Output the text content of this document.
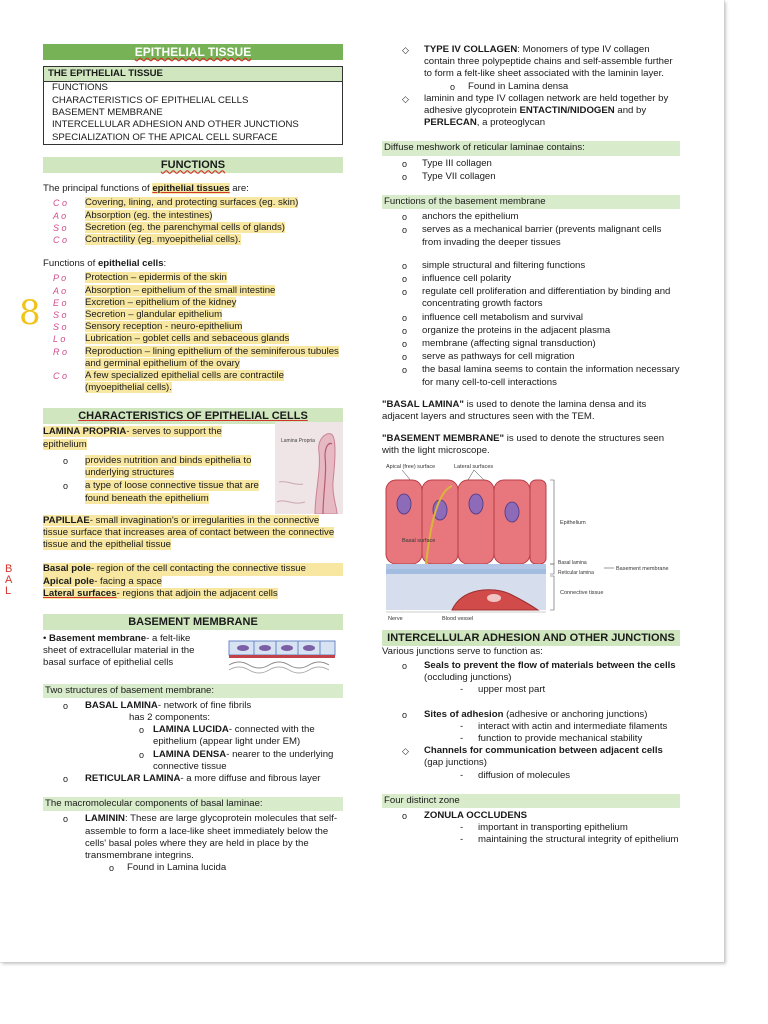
EPITHELIAL TISSUE
THE EPITHELIAL TISSUE
FUNCTIONS
CHARACTERISTICS OF EPITHELIAL CELLS
BASEMENT MEMBRANE
INTERCELLULAR ADHESION AND OTHER JUNCTIONS
SPECIALIZATION OF THE APICAL CELL SURFACE
FUNCTIONS
The principal functions of epithelial tissues are:
C o Covering, lining, and protecting surfaces (eg. skin)
A o Absorption (eg. the intestines)
S o Secretion (eg. the parenchymal cells of glands)
C o Contractility (eg. myoepithelial cells).
Functions of epithelial cells:
8
P o Protection – epidermis of the skin
A o Absorption – epithelium of the small intestine
E o Excretion – epithelium of the kidney
S o Secretion – glandular epithelium
S o Sensory reception - neuro-epithelium
L o Lubrication – goblet cells and sebaceous glands
R o Reproduction – lining epithelium of the seminiferous tubules and germinal epithelium of the ovary
C o A few specialized epithelial cells are contractile (myoepithelial cells).
CHARACTERISTICS OF EPITHELIAL CELLS
LAMINA PROPRIA- serves to support the epithelium
o provides nutrition and binds epithelia to underlying structures
o a type of loose connective tissue that are found beneath the epithelium
Lamina Propria
PAPILLAE- small invagination's or irregularities in the connective tissue surface that increases area of contact between the connective tissue and the epithelial tissue
B
A
L
Basal pole- region of the cell contacting the connective tissue
Apical pole- facing a space
Lateral surfaces- regions that adjoin the adjacent cells
BASEMENT MEMBRANE
• Basement membrane- a felt-like sheet of extracellular material in the basal surface of epithelial cells
Two structures of basement membrane:
o BASAL LAMINA- network of fine fibrils
has 2 components:
o LAMINA LUCIDA- connected with the epithelium (appear light under EM)
o LAMINA DENSA- nearer to the underlying connective tissue
o RETICULAR LAMINA- a more diffuse and fibrous layer
The macromolecular components of basal laminae:
o LAMININ: These are large glycoprotein molecules that self- assemble to form a lace-like sheet immediately below the cells' basal poles where they are held in place by the transmembrane integrins.
o Found in Lamina lucida
◇ TYPE IV COLLAGEN: Monomers of type IV collagen contain three polypeptide chains and self-assemble further to form a felt-like sheet associated with the laminin layer.
o Found in Lamina densa
◇ laminin and type IV collagen network are held together by adhesive glycoprotein ENTACTIN/NIDOGEN and by PERLECAN, a proteoglycan
Diffuse meshwork of reticular laminae contains:
o Type III collagen
o Type VII collagen
Functions of the basement membrane
o anchors the epithelium
o serves as a mechanical barrier (prevents malignant cells from invading the deeper tissues
o simple structural and filtering functions
o influence cell polarity
o regulate cell proliferation and differentiation by binding and concentrating growth factors
o influence cell metabolism and survival
o organize the proteins in the adjacent plasma
o membrane (affecting signal transduction)
o serve as pathways for cell migration
o the basal lamina seems to contain the information necessary for many cell-to-cell interactions
"BASAL LAMINA" is used to denote the lamina densa and its adjacent layers and structures seen with the TEM.
"BASEMENT MEMBRANE" is used to denote the structures seen with the light microscope.
Apical (free) surface	Lateral surfaces
Basal surface
Nerve	Blood vessel
Epithelium
Basal lamina
Reticular lamina
Basement membrane
Connective tissue
INTERCELLULAR ADHESION AND OTHER JUNCTIONS
Various junctions serve to function as:
o Seals to prevent the flow of materials between the cells (occluding junctions)
- upper most part
o Sites of adhesion (adhesive or anchoring junctions)
- interact with actin and intermediate filaments
- function to provide mechanical stability
◇ Channels for communication between adjacent cells (gap junctions)
- diffusion of molecules
Four distinct zone
o ZONULA OCCLUDENS
- important in transporting epithelium
- maintaining the structural integrity of epithelium
